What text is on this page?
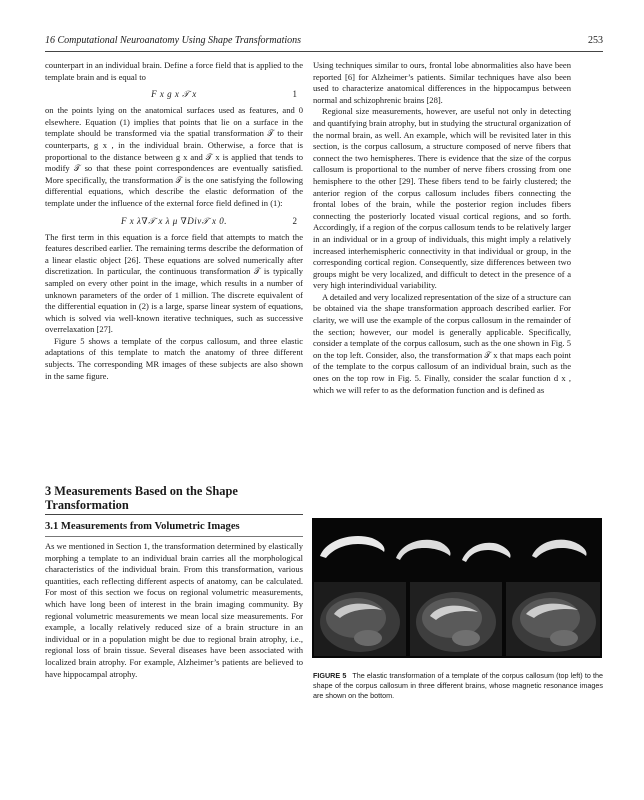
16 Computational Neuroanatomy Using Shape Transformations	253

counterpart in an individual brain. Define a force field that is applied to the template brain and is equal to

F x g x 𝒯 x	1

on the points lying on the anatomical surfaces used as features, and 0 elsewhere. Equation (1) implies that points that lie on a surface in the template should be transformed via the spatial transformation 𝒯 to their counterparts, g x , in the individual brain. Otherwise, a force that is proportional to the distance between g x and 𝒯 x is applied that tends to modify 𝒯 so that these point correspondences are eventually satisfied. More specifically, the transformation 𝒯 is the one satisfying the following differential equations, which describe the elastic deformation of the template under the influence of the external force field defined in (1):

F x λ∇𝒯 x λ μ ∇Div𝒯 x 0.	2

The first term in this equation is a force field that attempts to match the features described earlier. The remaining terms describe the deformation of a linear elastic object [26]. These equations are solved numerically after discretization. In particular, the continuous transformation 𝒯 is typically sampled on every other point in the image, which results in a number of unknown parameters of the order of 1 million. The discrete equivalent of the differential equation in (2) is a large, sparse linear system of equations, which is solved via well-known iterative techniques, such as successive overrelaxation [27].

Figure 5 shows a template of the corpus callosum, and three elastic adaptations of this template to match the anatomy of three different subjects. The corresponding MR images of these subjects are also shown in the same figure.

3 Measurements Based on the Shape Transformation
3.1 Measurements from Volumetric Images

As we mentioned in Section 1, the transformation determined by elastically morphing a template to an individual brain carries all the morphological characteristics of the individual brain. From this transformation, various quantities, each reflecting different aspects of anatomy, can be calculated. For most of this section we focus on regional volumetric measurements, which have long been of interest in the brain imaging community. By regional volumetric measurements we mean local size measurements. For example, a locally relatively reduced size of a brain structure in an individual or in a population might be due to regional brain atrophy, i.e., regional loss of brain tissue. Several diseases have been associated with localized brain atrophy. For example, Alzheimer’s patients are believed to have hippocampal atrophy.

Using techniques similar to ours, frontal lobe abnormalities also have been reported [6] for Alzheimer’s patients. Similar techniques have also been used to characterize anatomical differences in the hippocampus between normal and schizophrenic brains [28].

Regional size measurements, however, are useful not only in detecting and quantifying brain atrophy, but in studying the structural organization of the normal brain, as well. An example, which will be revisited later in this section, is the corpus callosum, a structure composed of nerve fibers that connect the two hemispheres. There is evidence that the size of the corpus callosum is proportional to the number of nerve fibers crossing from one hemisphere to the other [29]. These fibers tend to be fairly clustered; the anterior region of the corpus callosum includes fibers connecting the frontal lobes of the brain, while the posterior region includes fibers connecting the posteriorly located visual cortical regions, and so forth. Accordingly, if a region of the corpus callosum tends to be relatively larger in an individual or in a group of individuals, this might imply a relatively increased interhemispheric connectivity in that individual or group, in the corresponding cortical region. Consequently, size differences between two groups might be very localized, and difficult to detect in the presence of a very high interindividual variability.

A detailed and very localized representation of the size of a structure can be obtained via the shape transformation approach described earlier. For clarity, we will use the example of the corpus callosum in the remainder of the section; however, our model is generally applicable. Specifically, consider a template of the corpus callosum, such as the one shown in Fig. 5 on the top left. Consider, also, the transformation 𝒯 x that maps each point of the template to the corpus callosum of an individual brain, such as the ones on the top row in Fig. 5. Finally, consider the scalar function d x , which we will refer to as the deformation function and is defined as

FIGURE 5 The elastic transformation of a template of the corpus callosum (top left) to the shape of the corpus callosum in three different brains, whose magnetic resonance images are shown on the bottom.
